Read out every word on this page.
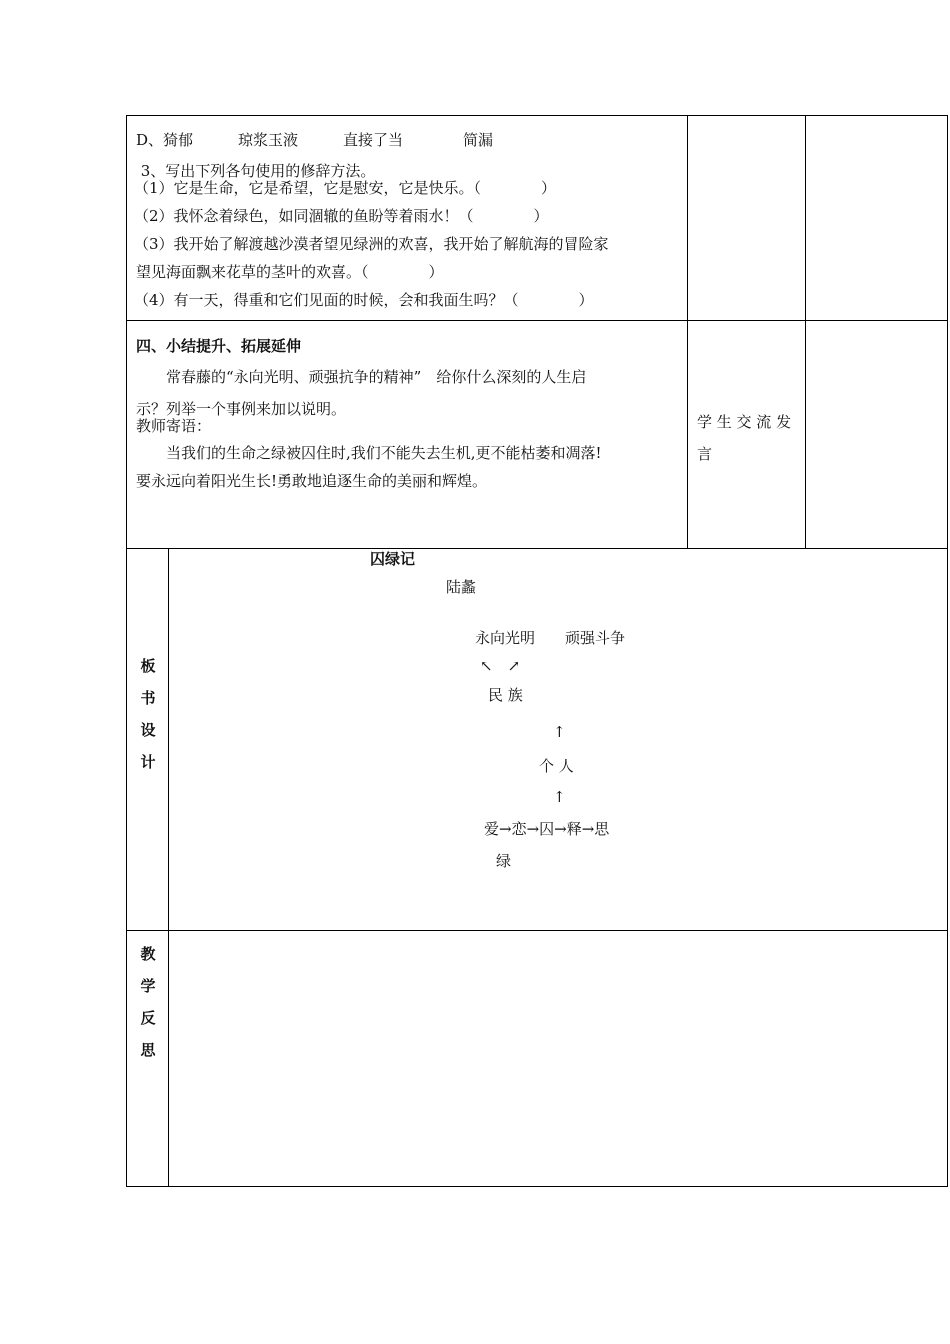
D、猗郁　　　琼浆玉液　　　直接了当　　　　简漏
3、写出下列各句使用的修辞方法。
（1）它是生命，它是希望，它是慰安，它是快乐。（　　　　）
（2）我怀念着绿色，如同涸辙的鱼盼等着雨水！（　　　　）
（3）我开始了解渡越沙漠者望见绿洲的欢喜，我开始了解航海的冒险家
望见海面飘来花草的茎叶的欢喜。（　　　　）
（4）有一天，得重和它们见面的时候，会和我面生吗？（　　　　）
四、小结提升、拓展延伸
　　常春藤的“永向光明、顽强抗争的精神”　给你什么深刻的人生启
示？列举一个事例来加以说明。
教师寄语：
　　当我们的生命之绿被囚住时,我们不能失去生机,更不能枯萎和凋落!
要永远向着阳光生长!勇敢地追逐生命的美丽和辉煌。
学 生 交 流 发
言
板
书
设
计
囚绿记
陆蠡
永向光明　　顽强斗争
↖　↗
民 族
↑
个 人
↑
爱→恋→囚→释→思
绿
教
学
反
思
